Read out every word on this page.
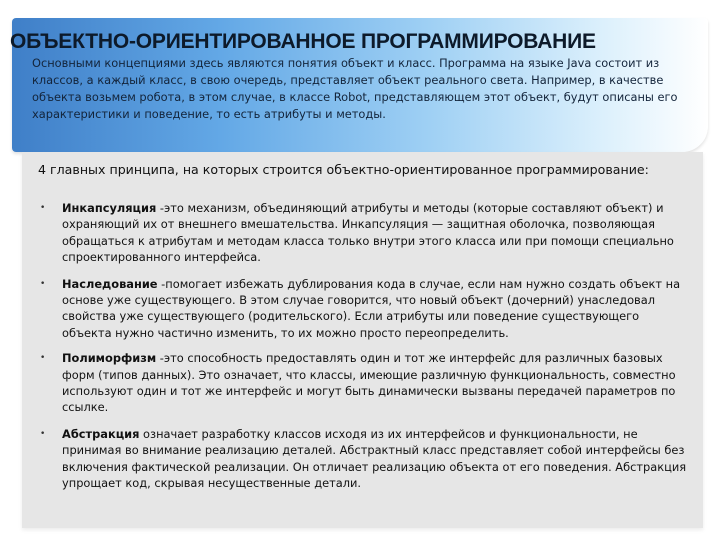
ОБЪЕКТНО-ОРИЕНТИРОВАННОЕ ПРОГРАММИРОВАНИЕ

Основными концепциями здесь являются понятия объект и класс. Программа на языке Java состоит из классов, а каждый класс, в свою очередь, представляет объект реального света. Например, в качестве объекта возьмем робота, в этом случае, в классе Robot, представляющем этот объект, будут описаны его характеристики и поведение, то есть атрибуты и методы.

4 главных принципа, на которых строится объектно-ориентированное программирование:

• Инкапсуляция -это механизм, объединяющий атрибуты и методы (которые составляют объект) и охраняющий их от внешнего вмешательства. Инкапсуляция — защитная оболочка, позволяющая обращаться к атрибутам и методам класса только внутри этого класса или при помощи специально спроектированного интерфейса.
• Наследование -помогает избежать дублирования кода в случае, если нам нужно создать объект на основе уже существующего. В этом случае говорится, что новый объект (дочерний) унаследовал свойства уже существующего (родительского). Если атрибуты или поведение существующего объекта нужно частично изменить, то их можно просто переопределить.
• Полиморфизм -это способность предоставлять один и тот же интерфейс для различных базовых форм (типов данных). Это означает, что классы, имеющие различную функциональность, совместно используют один и тот же интерфейс и могут быть динамически вызваны передачей параметров по ссылке.
• Абстракция означает разработку классов исходя из их интерфейсов и функциональности, не принимая во внимание реализацию деталей. Абстрактный класс представляет собой интерфейсы без включения фактической реализации. Он отличает реализацию объекта от его поведения. Абстракция упрощает код, скрывая несущественные детали.
